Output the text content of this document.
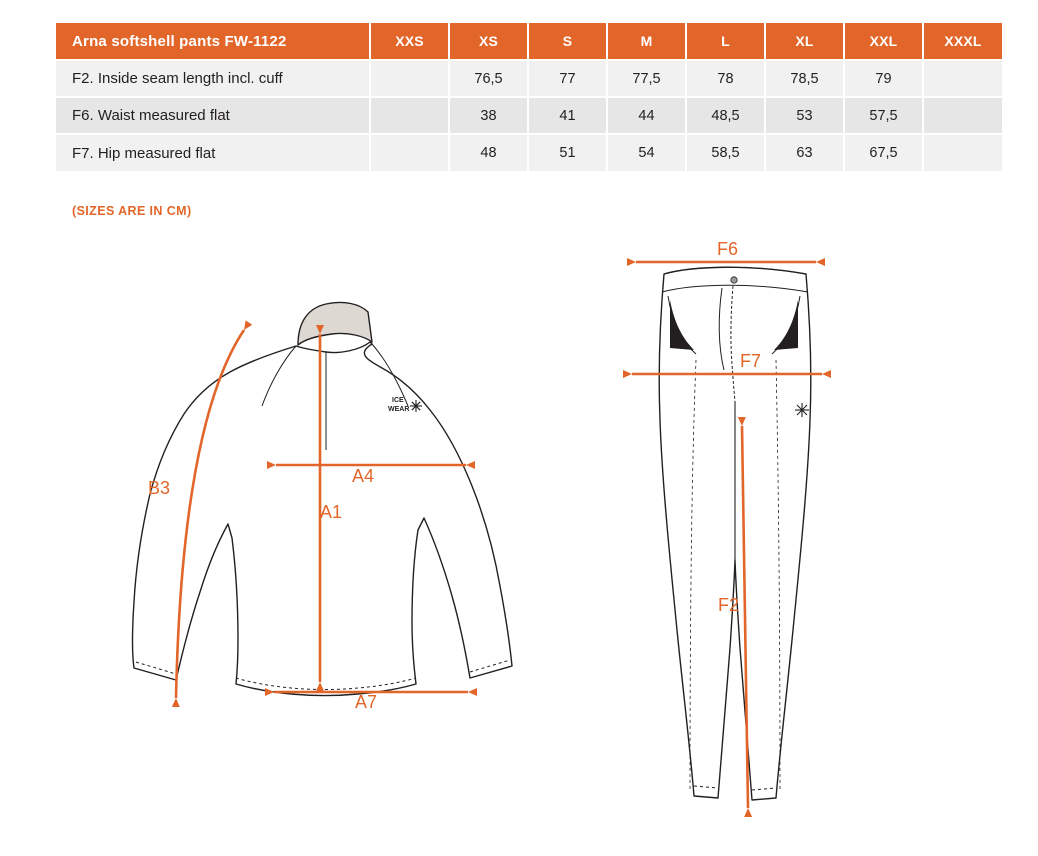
Arna softshell pants FW-1122	XXS	XS	S	M	L	XL	XXL	XXXL
F2. Inside seam length incl. cuff		76,5	77	77,5	78	78,5	79	
F6. Waist measured flat		38	41	44	48,5	53	57,5	
F7. Hip measured flat		48	51	54	58,5	63	67,5	
(SIZES ARE IN CM)
ICE
WEAR
B3
A4
A1
A7
F6
F7
F2
